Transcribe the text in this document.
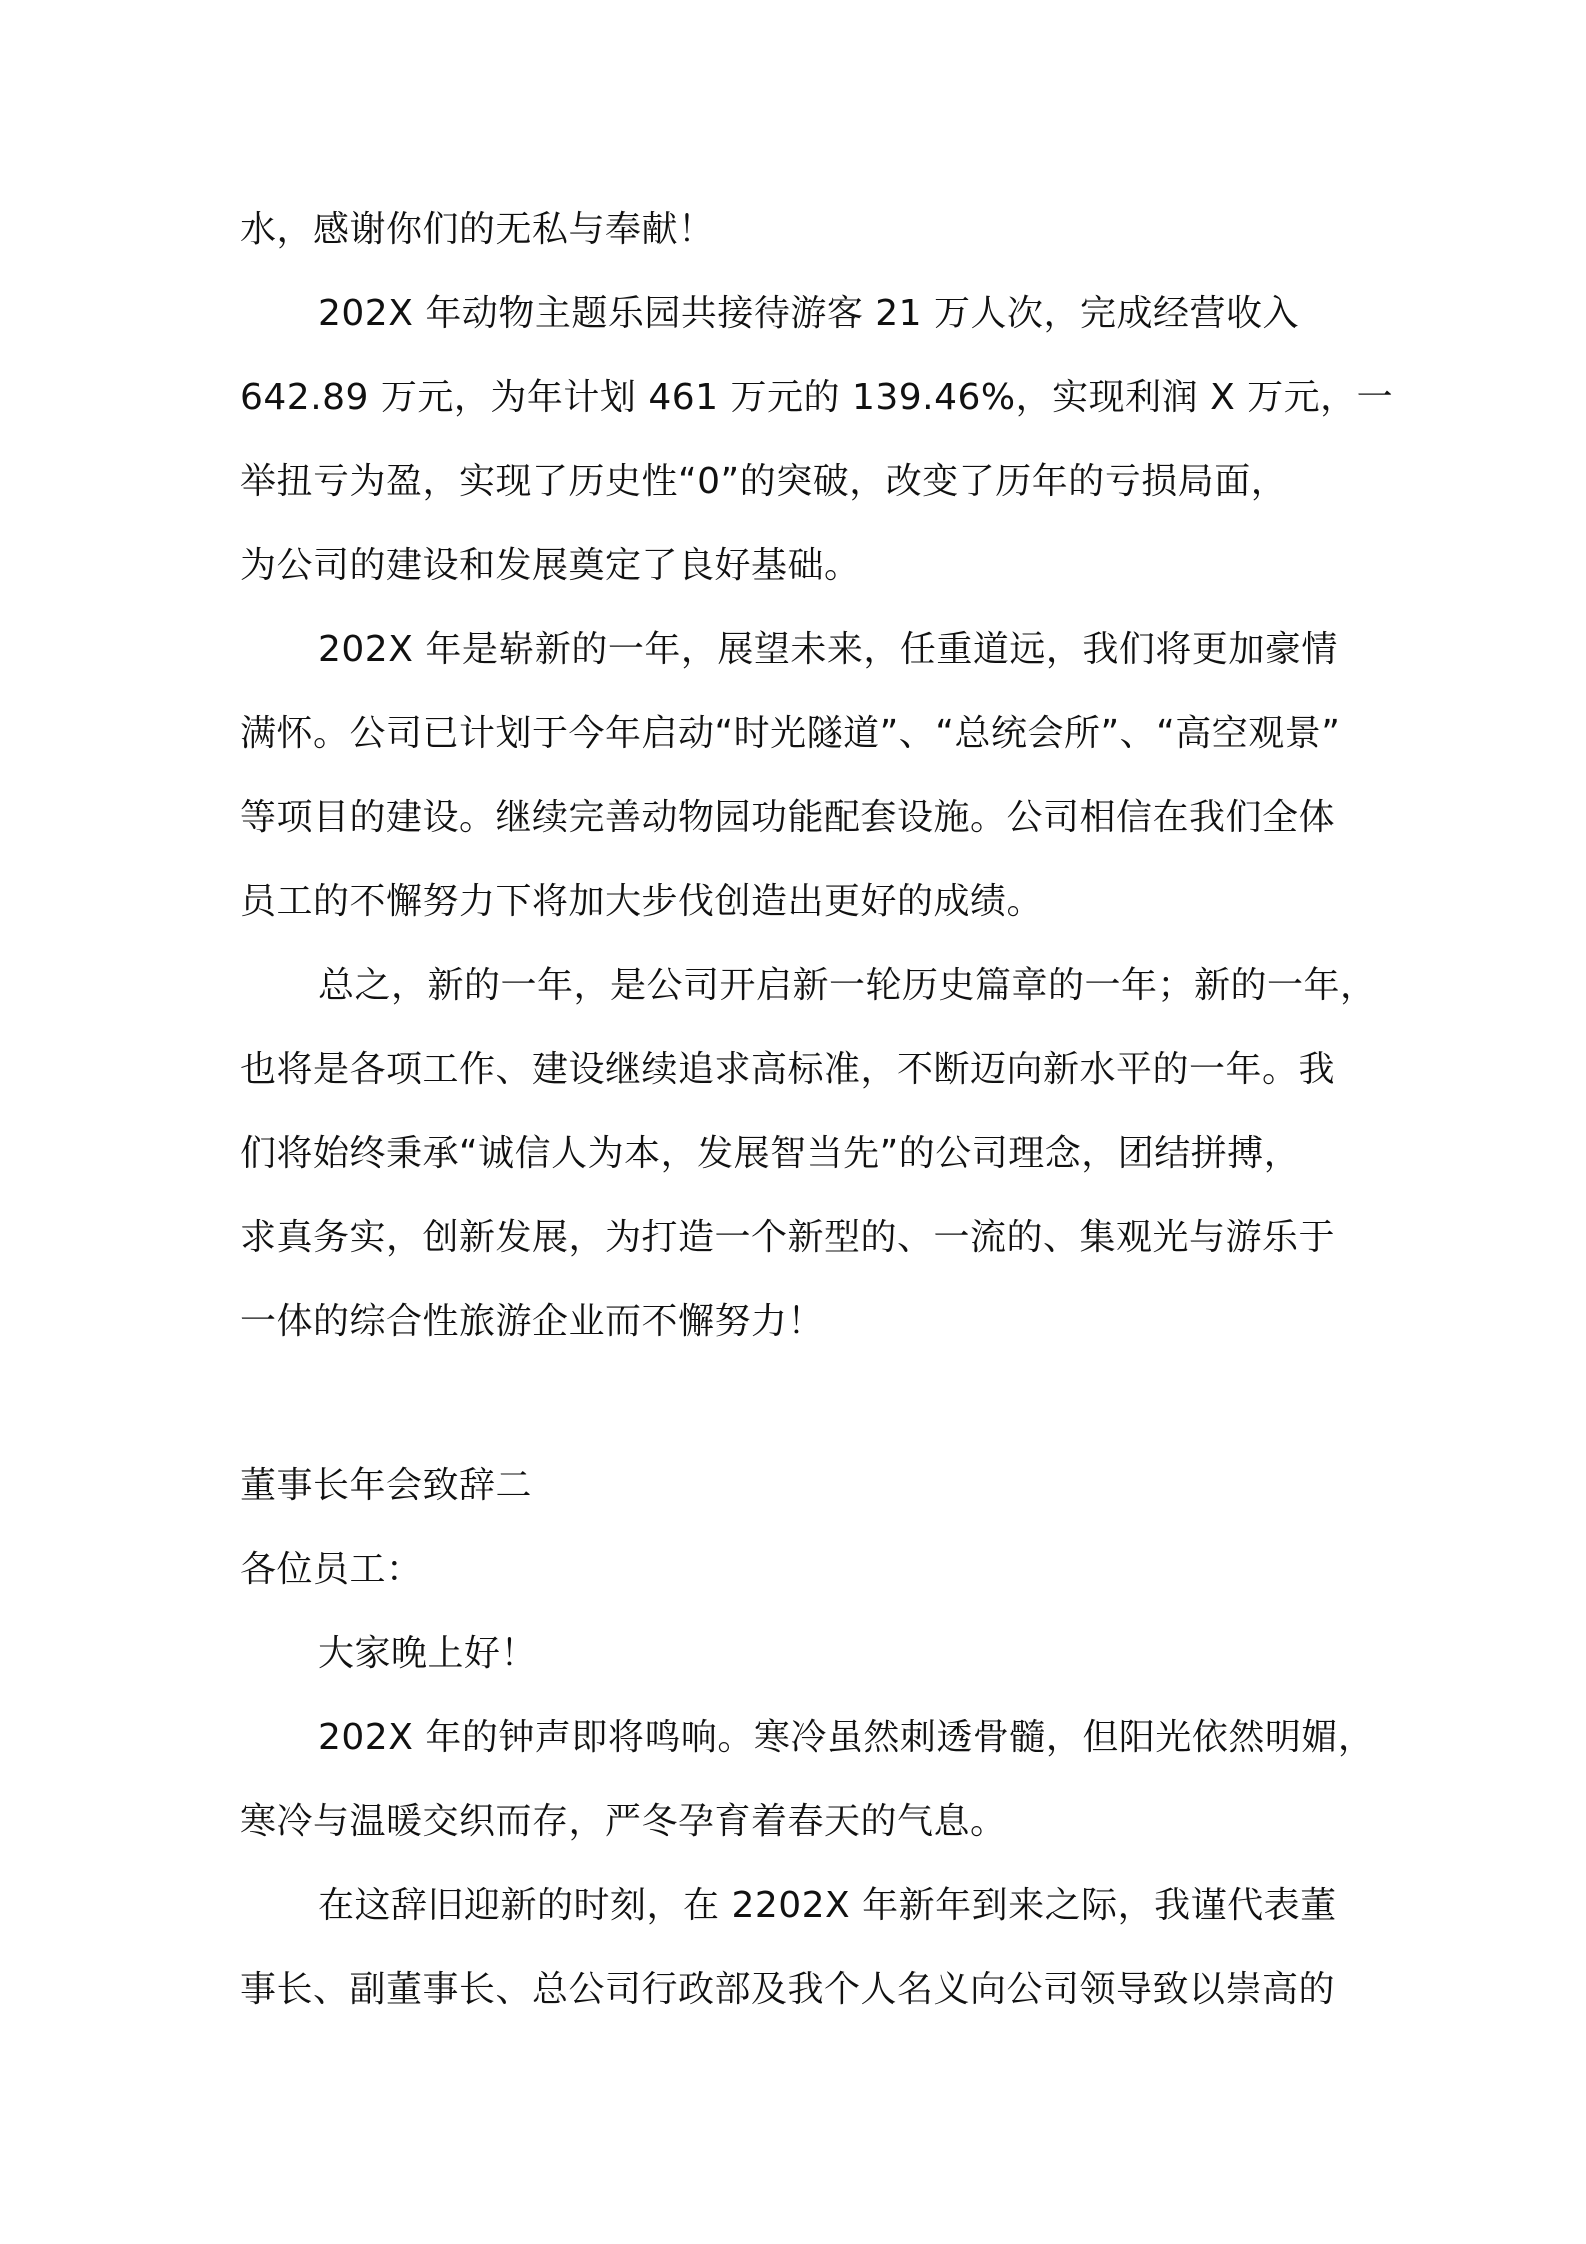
水，感谢你们的无私与奉献！
202X 年动物主题乐园共接待游客 21 万人次，完成经营收入
642.89 万元，为年计划 461 万元的 139.46%，实现利润 X 万元，一
举扭亏为盈，实现了历史性“0”的突破，改变了历年的亏损局面，
为公司的建设和发展奠定了良好基础。
202X 年是崭新的一年，展望未来，任重道远，我们将更加豪情
满怀。公司已计划于今年启动“时光隧道”、“总统会所”、“高空观景”
等项目的建设。继续完善动物园功能配套设施。公司相信在我们全体
员工的不懈努力下将加大步伐创造出更好的成绩。
总之，新的一年，是公司开启新一轮历史篇章的一年；新的一年，
也将是各项工作、建设继续追求高标准，不断迈向新水平的一年。我
们将始终秉承“诚信人为本，发展智当先”的公司理念，团结拼搏，
求真务实，创新发展，为打造一个新型的、一流的、集观光与游乐于
一体的综合性旅游企业而不懈努力！
董事长年会致辞二
各位员工：
大家晚上好！
202X 年的钟声即将鸣响。寒冷虽然刺透骨髓，但阳光依然明媚，
寒冷与温暖交织而存，严冬孕育着春天的气息。
在这辞旧迎新的时刻，在 2202X 年新年到来之际，我谨代表董
事长、副董事长、总公司行政部及我个人名义向公司领导致以崇高的
